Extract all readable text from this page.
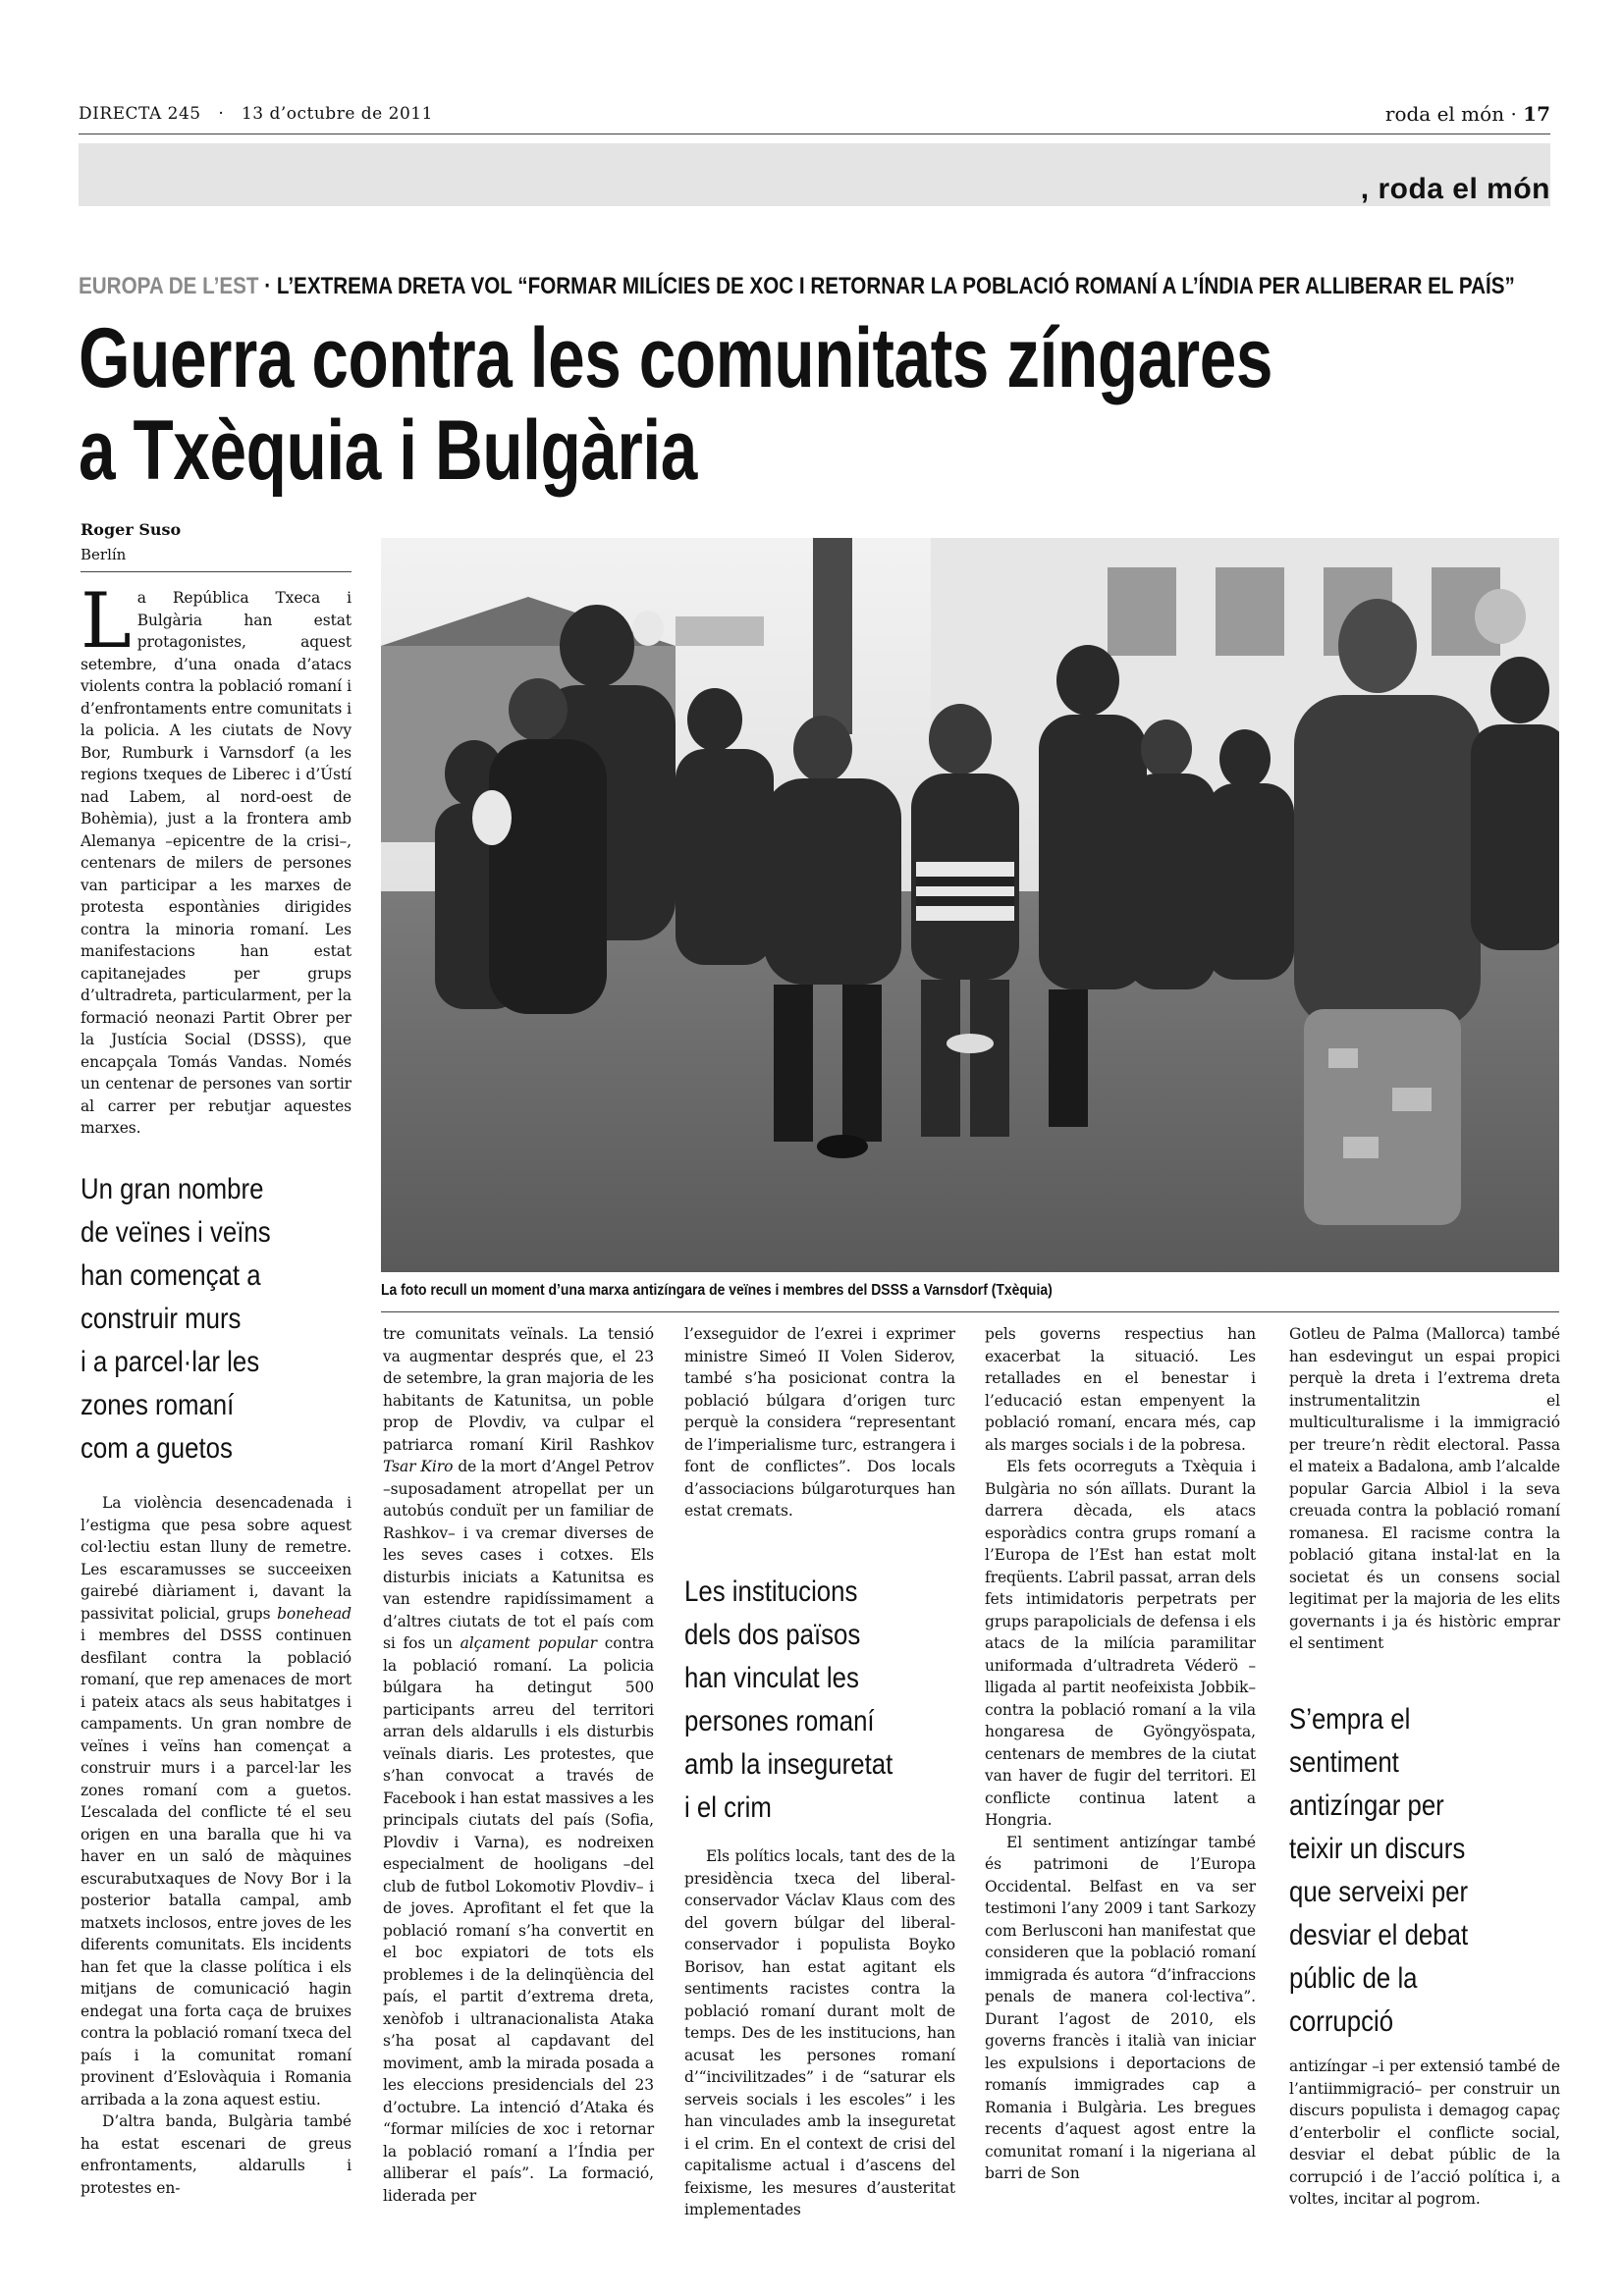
DIRECTA 245 · 13 d’octubre de 2011	roda el món · 17
, roda el món
EUROPA DE L’EST · L’EXTREMA DRETA VOL “FORMAR MILÍCIES DE XOC I RETORNAR LA POBLACIÓ ROMANÍ A L’ÍNDIA PER ALLIBERAR EL PAÍS”
Guerra contra les comunitats zíngares
a Txèquia i Bulgària
Roger Suso
Berlín

La República Txeca i Bulgària han estat protagonistes, aquest setembre, d’una onada d’atacs violents contra la població romaní i d’enfrontaments entre comunitats i la policia. A les ciutats de Novy Bor, Rumburk i Varnsdorf (a les regions txeques de Liberec i d’Ústí nad Labem, al nord-oest de Bohèmia), just a la frontera amb Alemanya –epicentre de la crisi–, centenars de milers de persones van participar a les marxes de protesta espontànies dirigides contra la minoria romaní. Les manifestacions han estat capitanejades per grups d’ultradreta, particularment, per la formació neonazi Partit Obrer per la Justícia Social (DSSS), que encapçala Tomás Vandas. Només un centenar de persones van sortir al carrer per rebutjar aquestes marxes.

Un gran nombre
de veïnes i veïns
han començat a
construir murs
i a parcel·lar les
zones romaní
com a guetos

La violència desencadenada i l’estigma que pesa sobre aquest col·lectiu estan lluny de remetre. Les escaramusses se succeeixen gairebé diàriament i, davant la passivitat policial, grups bonehead i membres del DSSS continuen desfilant contra la població romaní, que rep amenaces de mort i pateix atacs als seus habitatges i campaments. Un gran nombre de veïnes i veïns han començat a construir murs i a parcel·lar les zones romaní com a guetos. L’escalada del conflicte té el seu origen en una baralla que hi va haver en un saló de màquines escurabutxaques de Novy Bor i la posterior batalla campal, amb matxets inclosos, entre joves de les diferents comunitats. Els incidents han fet que la classe política i els mitjans de comunicació hagin endegat una forta caça de bruixes contra la població romaní txeca del país i la comunitat romaní provinent d’Eslovàquia i Romania arribada a la zona aquest estiu.

D’altra banda, Bulgària també ha estat escenari de greus enfrontaments, aldarulls i protestes en-

La foto recull un moment d’una marxa antizíngara de veïnes i membres del DSSS a Varnsdorf (Txèquia)

tre comunitats veïnals. La tensió va augmentar després que, el 23 de setembre, la gran majoria de les habitants de Katunitsa, un poble prop de Plovdiv, va culpar el patriarca romaní Kiril Rashkov Tsar Kiro de la mort d’Angel Petrov –suposadament atropellat per un autobús conduït per un familiar de Rashkov– i va cremar diverses de les seves cases i cotxes. Els disturbis iniciats a Katunitsa es van estendre rapidíssimament a d’altres ciutats de tot el país com si fos un alçament popular contra la població romaní. La policia búlgara ha detingut 500 participants arreu del territori arran dels aldarulls i els disturbis veïnals diaris. Les protestes, que s’han convocat a través de Facebook i han estat massives a les principals ciutats del país (Sofia, Plovdiv i Varna), es nodreixen especialment de hooligans –del club de futbol Lokomotiv Plovdiv– i de joves. Aprofitant el fet que la població romaní s’ha convertit en el boc expiatori de tots els problemes i de la delinqüència del país, el partit d’extrema dreta, xenòfob i ultranacionalista Ataka s’ha posat al capdavant del moviment, amb la mirada posada a les eleccions presidencials del 23 d’octubre. La intenció d’Ataka és “formar milícies de xoc i retornar la població romaní a l’Índia per alliberar el país”. La formació, liderada per

l’exseguidor de l’exrei i exprimer ministre Simeó II Volen Siderov, també s’ha posicionat contra la població búlgara d’origen turc perquè la considera “representant de l’imperialisme turc, estrangera i font de conflictes”. Dos locals d’associacions búlgaroturques han estat cremats.

Les institucions
dels dos països
han vinculat les
persones romaní
amb la inseguretat
i el crim

Els polítics locals, tant des de la presidència txeca del liberal-conservador Václav Klaus com des del govern búlgar del liberal-conservador i populista Boyko Borisov, han estat agitant els sentiments racistes contra la població romaní durant molt de temps. Des de les institucions, han acusat les persones romaní d’“incivilitzades” i de “saturar els serveis socials i les escoles” i les han vinculades amb la inseguretat i el crim. En el context de crisi del capitalisme actual i d’ascens del feixisme, les mesures d’austeritat implementades

pels governs respectius han exacerbat la situació. Les retallades en el benestar i l’educació estan empenyent la població romaní, encara més, cap als marges socials i de la pobresa.

Els fets ocorreguts a Txèquia i Bulgària no són aïllats. Durant la darrera dècada, els atacs esporàdics contra grups romaní a l’Europa de l’Est han estat molt freqüents. L’abril passat, arran dels fets intimidatoris perpetrats per grups parapolicials de defensa i els atacs de la milícia paramilitar uniformada d’ultradreta Véderö –lligada al partit neofeixista Jobbik– contra la població romaní a la vila hongaresa de Gyöngyöspata, centenars de membres de la ciutat van haver de fugir del territori. El conflicte continua latent a Hongria.

El sentiment antizíngar també és patrimoni de l’Europa Occidental. Belfast en va ser testimoni l’any 2009 i tant Sarkozy com Berlusconi han manifestat que consideren que la població romaní immigrada és autora “d’infraccions penals de manera col·lectiva”. Durant l’agost de 2010, els governs francès i italià van iniciar les expulsions i deportacions de romanís immigrades cap a Romania i Bulgària. Les bregues recents d’aquest agost entre la comunitat romaní i la nigeriana al barri de Son

Gotleu de Palma (Mallorca) també han esdevingut un espai propici perquè la dreta i l’extrema dreta instrumentalitzin el multiculturalisme i la immigració per treure’n rèdit electoral. Passa el mateix a Badalona, amb l’alcalde popular Garcia Albiol i la seva creuada contra la població romaní romanesa. El racisme contra la població gitana instal·lat en la societat és un consens social legitimat per la majoria de les elits governants i ja és històric emprar el sentiment

S’empra el
sentiment
antizíngar per
teixir un discurs
que serveixi per
desviar el debat
públic de la
corrupció

antizíngar –i per extensió també de l’antiimmigració– per construir un discurs populista i demagog capaç d’enterbolir el conflicte social, desviar el debat públic de la corrupció i de l’acció política i, a voltes, incitar al pogrom.
